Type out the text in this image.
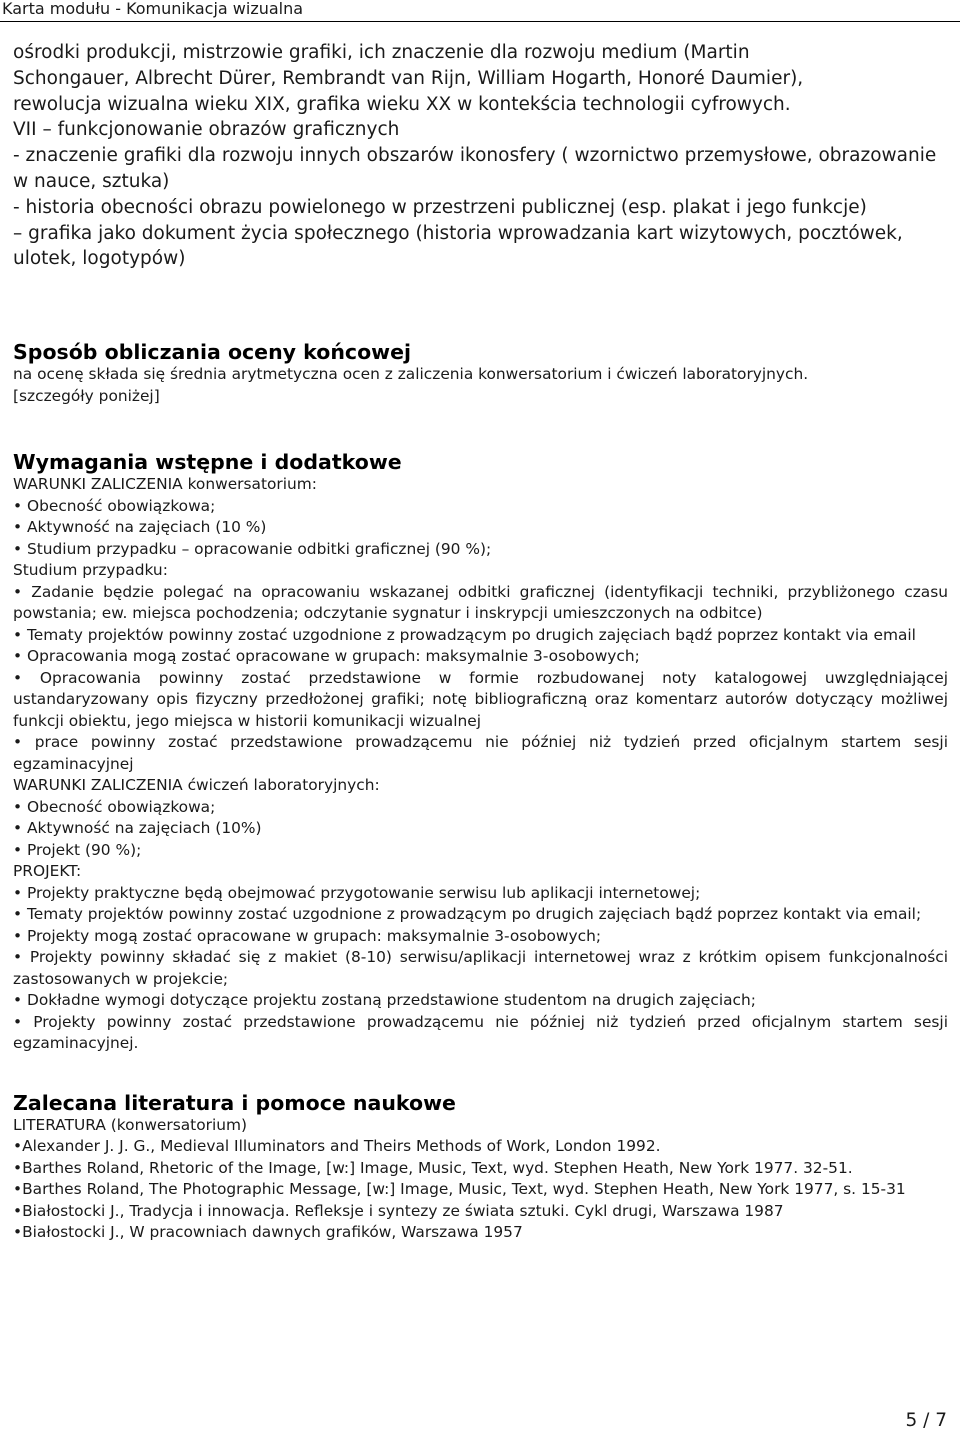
Karta modułu - Komunikacja wizualna

ośrodki produkcji, mistrzowie grafiki, ich znaczenie dla rozwoju medium (Martin

Schongauer, Albrecht Dürer, Rembrandt van Rijn, William Hogarth, Honoré Daumier),

rewolucja wizualna wieku XIX, grafika wieku XX w kontekścia technologii cyfrowych.

VII – funkcjonowanie obrazów graficznych

- znaczenie grafiki dla rozwoju innych obszarów ikonosfery ( wzornictwo przemysłowe, obrazowanie w nauce, sztuka)

- historia obecności obrazu powielonego w przestrzeni publicznej (esp. plakat i jego funkcje)

– grafika jako dokument życia społecznego (historia wprowadzania kart wizytowych, pocztówek, ulotek, logotypów)

Sposób obliczania oceny końcowej

na ocenę składa się średnia arytmetyczna ocen z zaliczenia konwersatorium i ćwiczeń laboratoryjnych.

[szczegóły poniżej]

Wymagania wstępne i dodatkowe

WARUNKI ZALICZENIA konwersatorium:

• Obecność obowiązkowa;

• Aktywność na zajęciach (10 %)

• Studium przypadku – opracowanie odbitki graficznej (90 %);

Studium przypadku:

• Zadanie będzie polegać na opracowaniu wskazanej odbitki graficznej (identyfikacji techniki, przybliżonego czasu powstania; ew. miejsca pochodzenia; odczytanie sygnatur i inskrypcji umieszczonych na odbitce)

• Tematy projektów powinny zostać uzgodnione z prowadzącym po drugich zajęciach bądź poprzez kontakt via email

• Opracowania mogą zostać opracowane w grupach: maksymalnie 3-osobowych;

• Opracowania powinny zostać przedstawione w formie rozbudowanej noty katalogowej uwzględniającej ustandaryzowany opis fizyczny przedłożonej grafiki; notę bibliograficzną oraz komentarz autorów dotyczący możliwej funkcji obiektu, jego miejsca w historii komunikacji wizualnej

• prace powinny zostać przedstawione prowadzącemu nie później niż tydzień przed oficjalnym startem sesji egzaminacyjnej

WARUNKI ZALICZENIA ćwiczeń laboratoryjnych:

• Obecność obowiązkowa;

• Aktywność na zajęciach (10%)

• Projekt (90 %);

PROJEKT:

• Projekty praktyczne będą obejmować przygotowanie serwisu lub aplikacji internetowej;

• Tematy projektów powinny zostać uzgodnione z prowadzącym po drugich zajęciach bądź poprzez kontakt via email;

• Projekty mogą zostać opracowane w grupach: maksymalnie 3-osobowych;

• Projekty powinny składać się z makiet (8-10) serwisu/aplikacji internetowej wraz z krótkim opisem funkcjonalności zastosowanych w projekcie;

• Dokładne wymogi dotyczące projektu zostaną przedstawione studentom na drugich zajęciach;

• Projekty powinny zostać przedstawione prowadzącemu nie później niż tydzień przed oficjalnym startem sesji egzaminacyjnej.

Zalecana literatura i pomoce naukowe

LITERATURA (konwersatorium)

• Alexander J. J. G., Medieval Illuminators and Theirs Methods of Work, London 1992.

• Barthes Roland, Rhetoric of the Image, [w:] Image, Music, Text, wyd. Stephen Heath, New York 1977. 32-51.

• Barthes Roland, The Photographic Message, [w:] Image, Music, Text, wyd. Stephen Heath, New York 1977, s. 15-31

• Białostocki J., Tradycja i innowacja. Refleksje i syntezy ze świata sztuki. Cykl drugi, Warszawa 1987

• Białostocki J., W pracowniach dawnych grafików, Warszawa 1957

5 / 7
